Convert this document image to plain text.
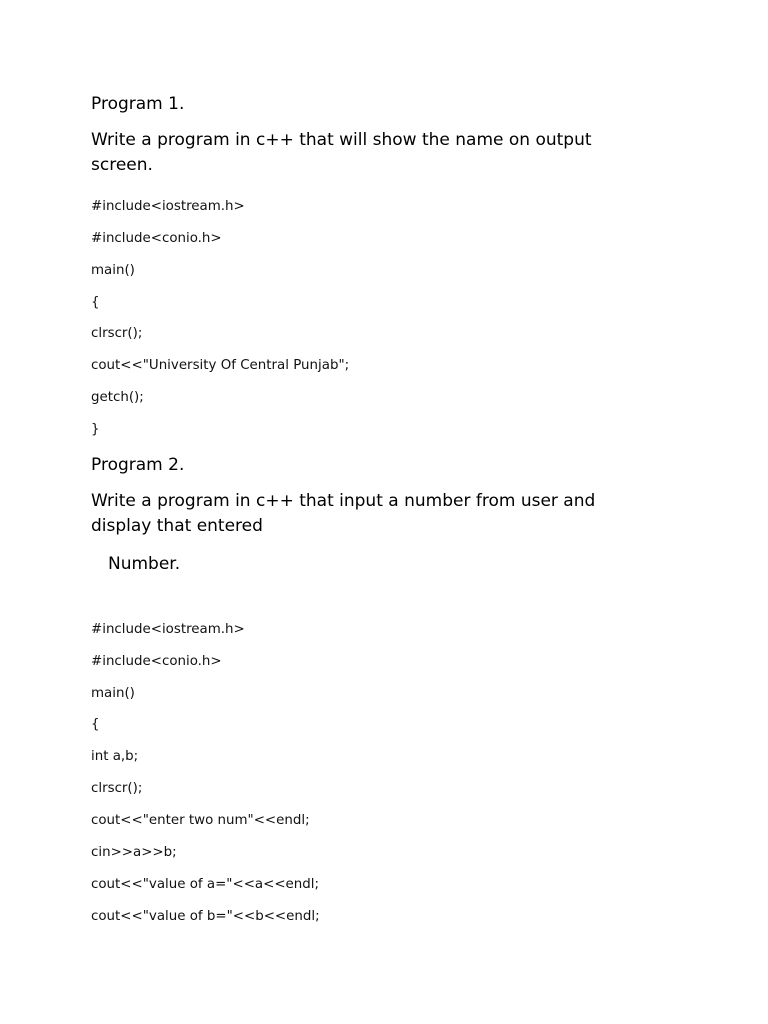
Program 1.
Write a program in c++ that will show the name on output screen.
#include<iostream.h>
#include<conio.h>
main()
{
clrscr();
cout<<"University Of Central Punjab";
getch();
}
Program 2.
Write a program in c++ that input a number from user and
display that entered
Number.
#include<iostream.h>
#include<conio.h>
main()
{
int a,b;
clrscr();
cout<<"enter two num"<<endl;
cin>>a>>b;
cout<<"value of a="<<a<<endl;
cout<<"value of b="<<b<<endl;
